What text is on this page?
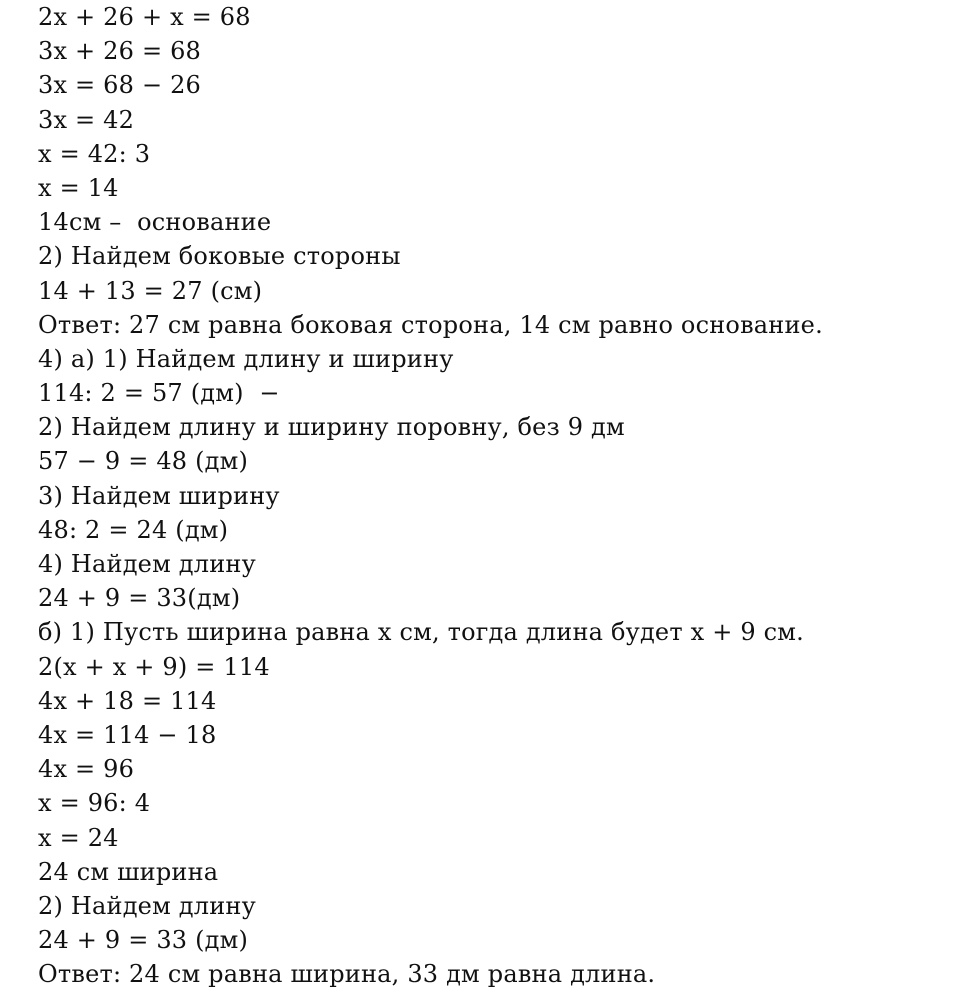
2x + 26 + x = 68
3x + 26 = 68
3x = 68 − 26
3x = 42
x = 42: 3
x = 14
14см –  основание
2) Найдем боковые стороны
14 + 13 = 27 (см)
Ответ: 27 см равна боковая сторона, 14 см равно основание.
4) а) 1) Найдем длину и ширину
114: 2 = 57 (дм)  −
2) Найдем длину и ширину поровну, без 9 дм
57 − 9 = 48 (дм)
3) Найдем ширину
48: 2 = 24 (дм)
4) Найдем длину
24 + 9 = 33(дм)
б) 1) Пусть ширина равна x см, тогда длина будет x + 9 см.
2(x + x + 9) = 114
4x + 18 = 114
4x = 114 − 18
4x = 96
x = 96: 4
x = 24
24 см ширина
2) Найдем длину
24 + 9 = 33 (дм)
Ответ: 24 см равна ширина, 33 дм равна длина.
